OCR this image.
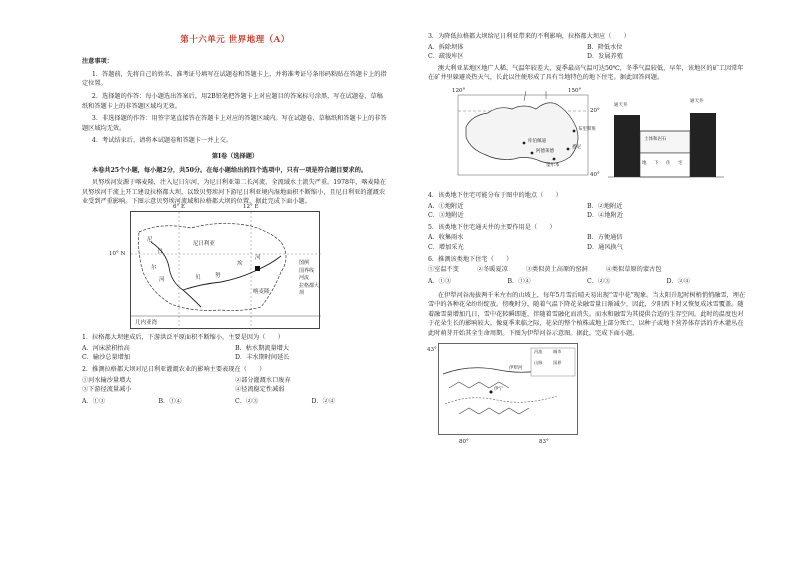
第十六单元 世界地理（A）
注意事项：
1．答题前，先将自己的姓名、准考证号填写在试题卷和答题卡上，并将准考证号条形码粘贴在答题卡上的指定位置。
2．选择题的作答：每小题选出答案后，用2B铅笔把答题卡上对应题目的答案标号涂黑，写在试题卷、草稿纸和答题卡上的非答题区域均无效。
3．非选择题的作答：用签字笔直接答在答题卡上对应的答题区域内。写在试题卷、草稿纸和答题卡上的非答题区域均无效。
4．考试结束后，请将本试题卷和答题卡一并上交。
第Ⅰ卷（选择题）
本卷共25个小题，每小题2分，共50分。在每小题给出的四个选项中，只有一项是符合题目要求的。
贝努埃河发源于喀麦隆，注入尼日尔河，为尼日利亚第二长河流，全流域水土流失严重。1978年，喀麦隆在贝努埃河干流上开工建设拉格都大坝，以致贝努埃河下游尼日利亚境内湿地面积不断缩小，且尼日利亚的灌溉农业受到严重影响。下图示意贝努埃河流域和拉格都大坝的位置。据此完成下面小题。
6° E	12° E
10° N
尼日利亚
尼
日
尔
河	贝	努
埃
河
喀麦隆
几内亚湾
图例
国界线
河流
拉格都大坝
1．拉格都大坝建成后，下游洪泛平原面积不断缩小，主要是因为（　　）
A．河床淤积抬高	B．枯水期流量增大
C．输沙总量增加	D．丰水期时间延长
2．推测拉格都大坝对尼日利亚灌溉农业的影响主要表现在（　　）
①河水输沙量增大	②部分灌溉水口废弃
③下游径流量减小	④径流稳定性减弱
A．①③	B．①④	C．②③	D．②④
3．为降低拉格都大坝给尼日利亚带来的不利影响，拉格都大坝应（　　）
A．拆除坝体	B．降低水位
C．疏浚库区	D．发展养殖
澳大利亚某地区地广人稀，气温年较差大，夏季最高气温可达50℃，冬季气温较低，早年，该地区的矿工因常年在矿井里躲避炎热天气，长此以往便形成了具有当地特色的地下住宅。据此回答问题。
120°	150°
20°
40°
库伯佩迪
阿德莱德
布里斯班
悉尼
墨尔本
通天井
通天井
土体和岩石
地 下 住 宅
4．该类地下住宅可能分布于图中的地点（　　）
A．①地附近	B．②地附近
C．③地附近	D．④地附近
5．该类地下住宅通天井的主要作用是（　　）
A．收集雨水	B．方便通信
C．增加采光	D．通风换气
6．推测该类地下住宅（　　）
①室温不变	②冬暖夏凉	③类似黄土高原的窑洞	④类似草原的蒙古包
A．①③	B．①④	C．②③	D．②④
在伊犁河谷海拔两千米左右的山坡上，每年5月雪后晴天易出现“雪中花”现象。当太阳升起时树梢悄悄融雪，埋在雪中的各种花朵纷纷绽放。傍晚时分，随着气温下降花朵融雪量日渐减少，因此，夕阳西下时又恢复成冰雪覆盖。随着融雪量增加几日，雪中花转瞬即逝，伴随着雪融化而消失。而水和融雪为其提供合适的生存空间。此时的温度也对于花朵生长的影响较大。像夏季来临之际，花朵的整个植株或地上部分死亡，以种子或地下营养体存活的乔木灌丛在此时萌芽开始其全生命周期。下图为伊犁河谷示意图。据此，完成下面小题。
43°
80°	83°
河流	城市
山脉	国界
伊宁
伊犁河
